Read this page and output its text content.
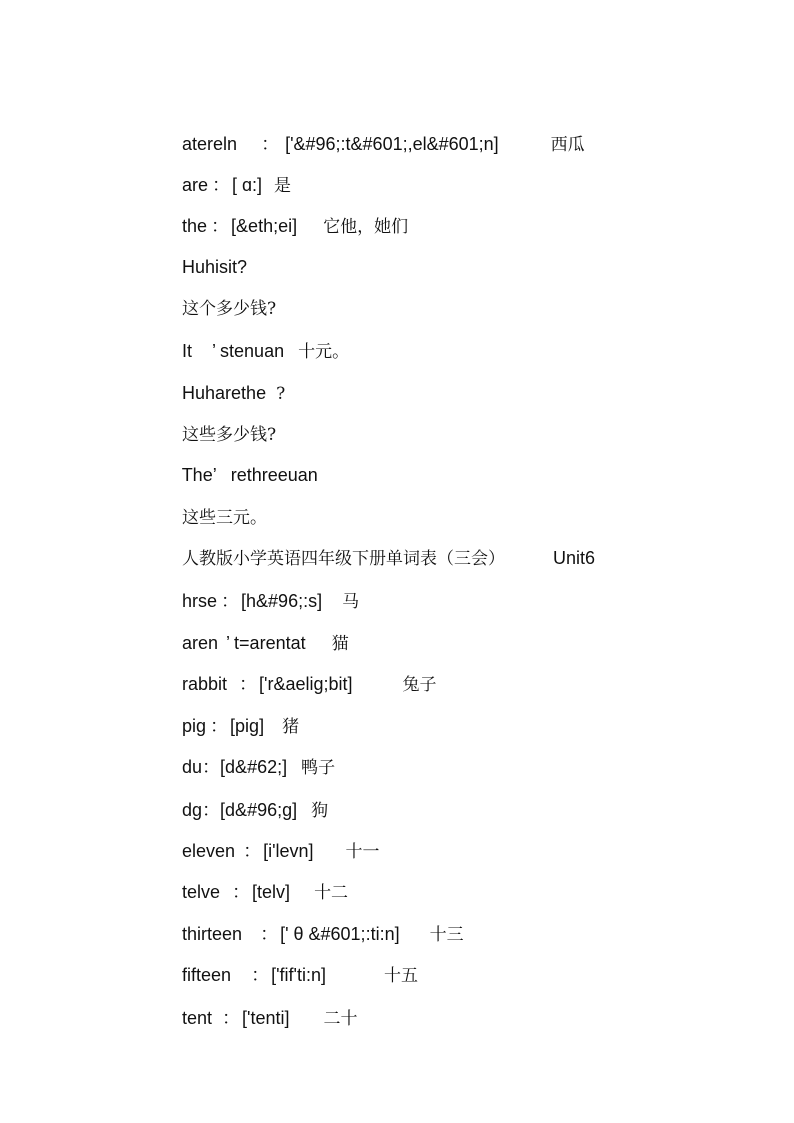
atereln ： ['&#96;:t&#601;,el&#601;n]	西瓜

are ： [ ɑ:] 是

the ： [&eth;ei] 它他，她们

Huhisit?

这个多少钱?

It ’ stenuan 十元。

Huharethe ?

这些多少钱?

The’ rethreeuan

这些三元。

人教版小学英语四年级下册单词表（三会）	Unit6

hrse ： [h&#96;:s] 马

aren ’ t=arentat 猫

rabbit ： ['r&aelig;bit]	兔子

pig ： [pig] 猪

du：[d&#62;] 鸭子

dg：[d&#96;g] 狗

eleven ： [i'levn] 十一

telve ： [telv] 十二

thirteen ： [' θ &#601;:ti:n] 十三

fifteen ： ['fif'ti:n]	十五

tent ： ['tenti] 二十
